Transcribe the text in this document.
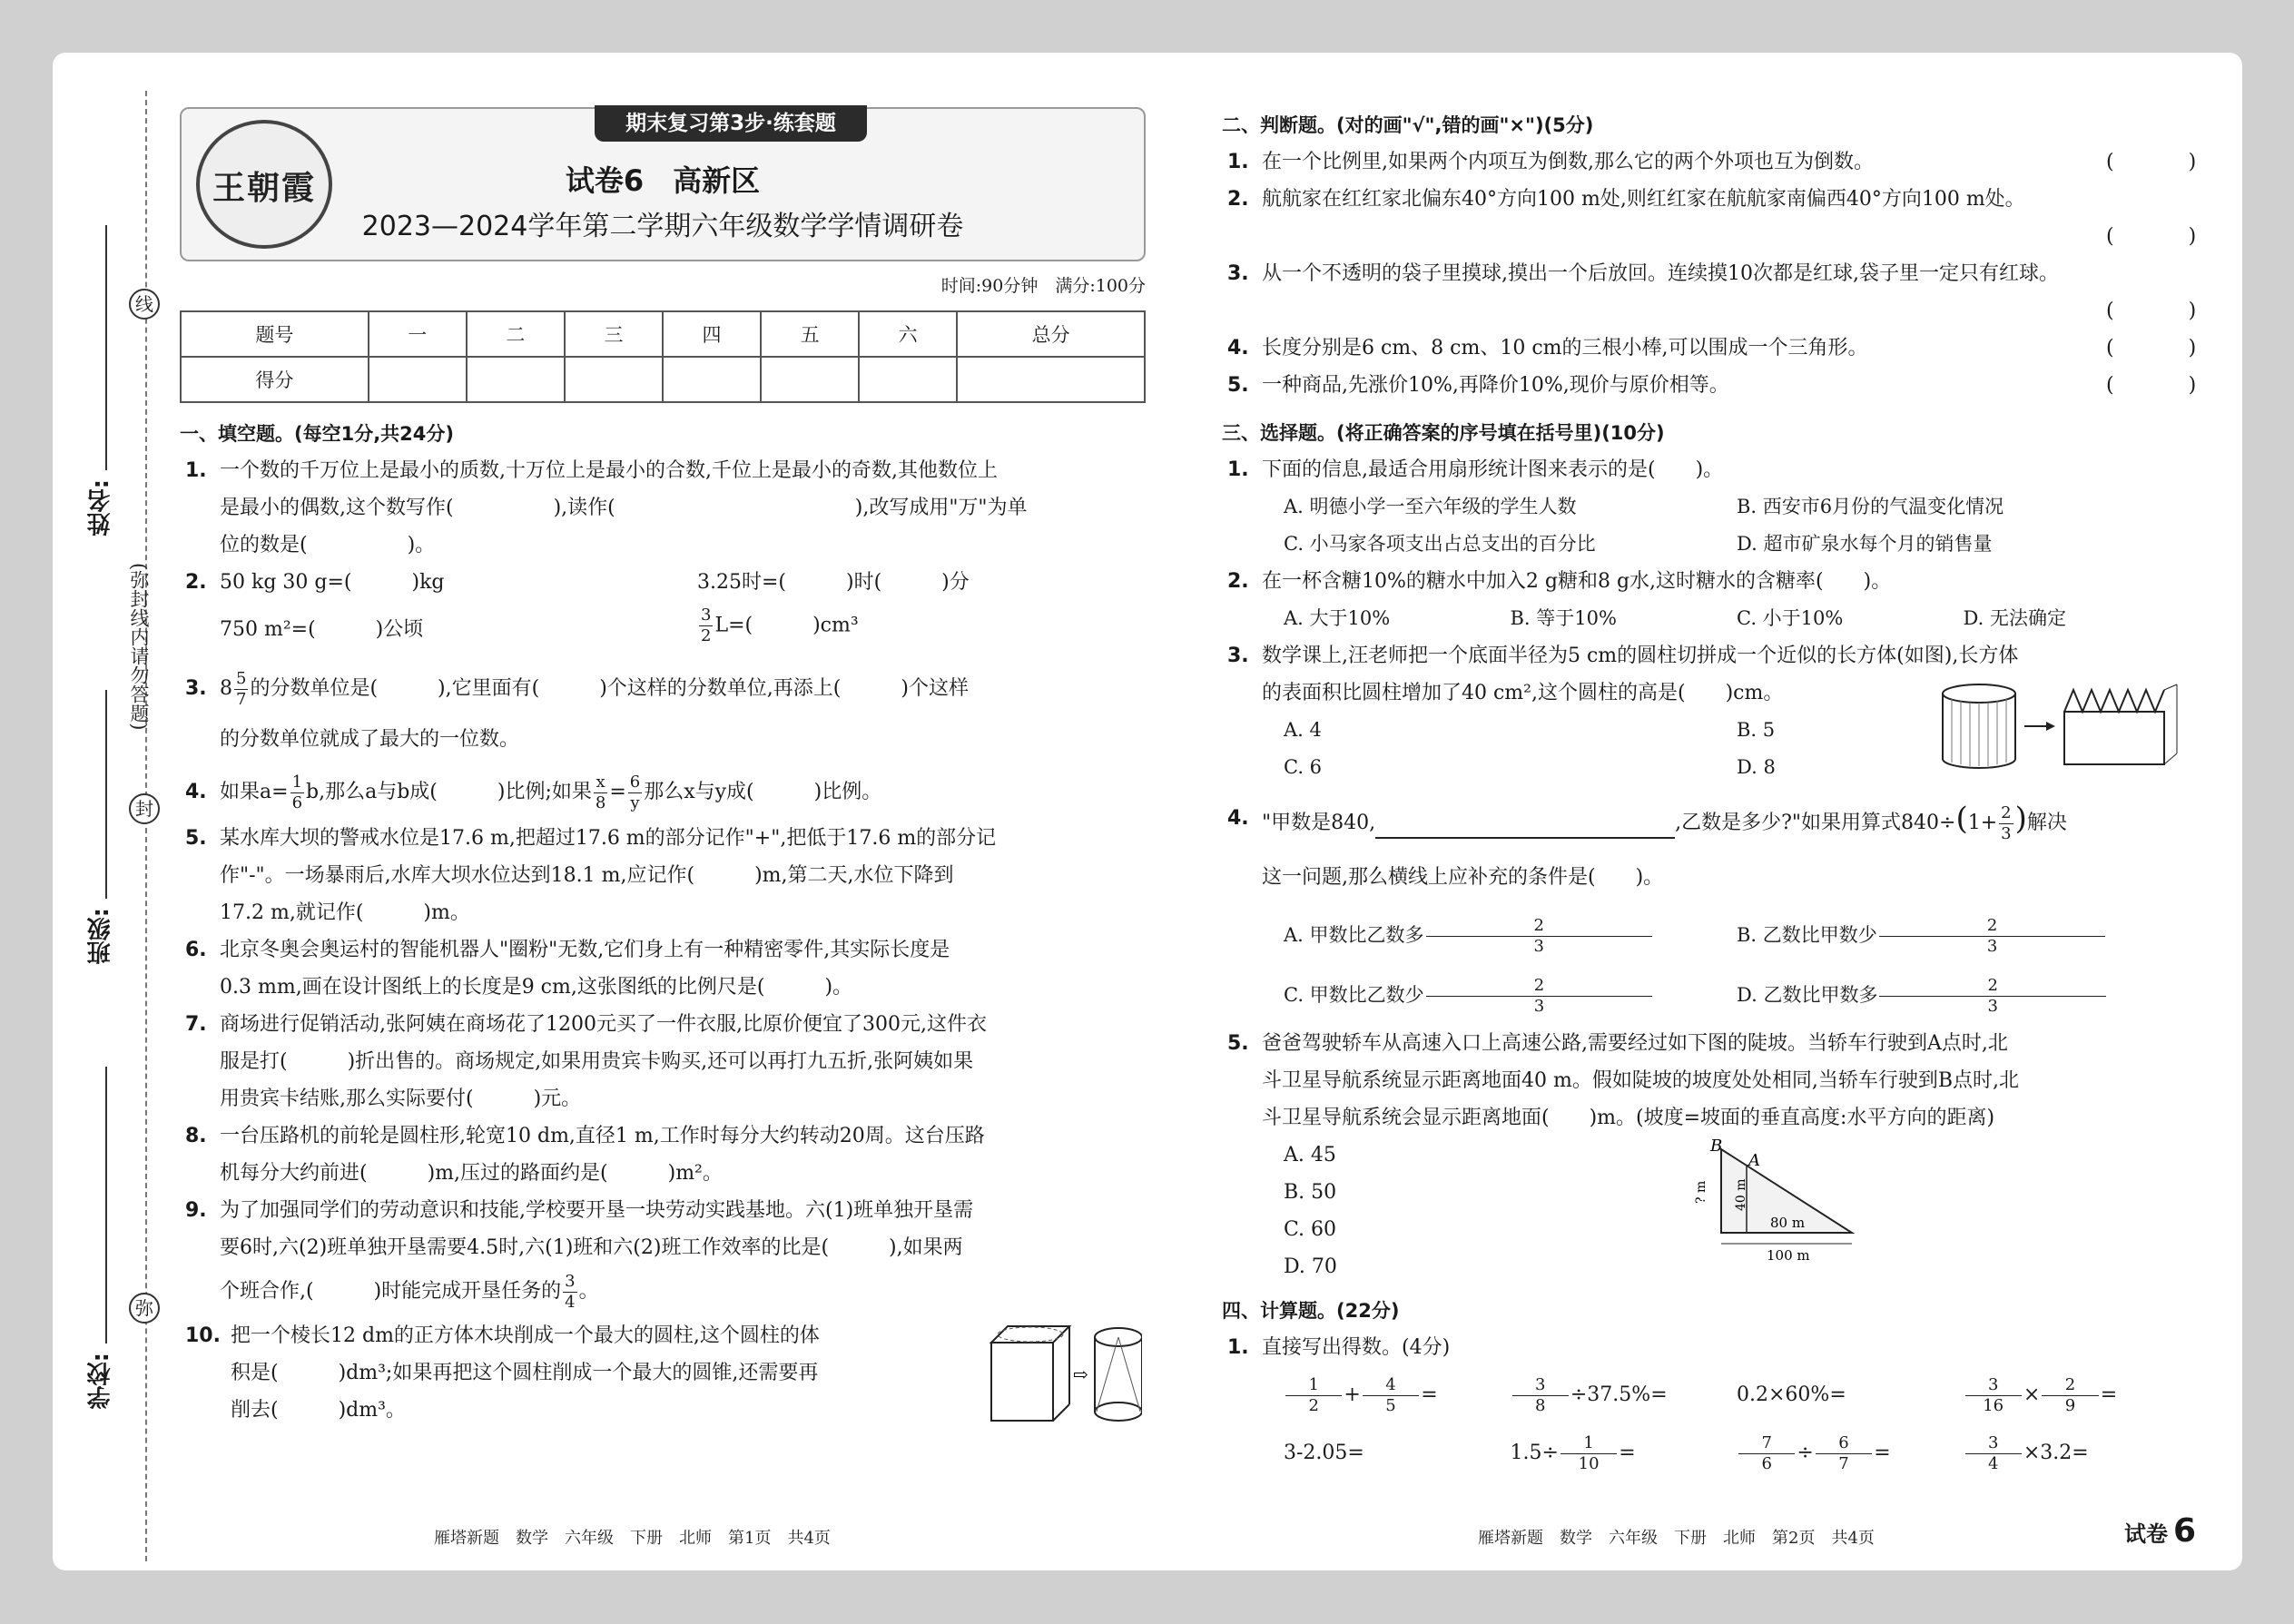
线
封
弥
(弥封线内请勿答题)
姓名:
班级:
学校:
王朝霞
期末复习第3步·练套题
试卷6　高新区
2023—2024学年第二学期六年级数学学情调研卷
时间:90分钟　满分:100分
题号	一	二	三	四	五	六	总分
得分							
一、填空题。(每空1分,共24分)
1. 一个数的千万位上是最小的质数,十万位上是最小的合数,千位上是最小的奇数,其他数位上
是最小的偶数,这个数写作(　　　　　),读作(　　　　　　　　　　　　),改写成用"万"为单
位的数是(　　　　　)。
2. 50 kg 30 g=(　　　)kg	3.25时=(　　　)时(　　　)分
750 m²=(　　　)公顷	$\frac{3}{2} L=$(　　　)cm³
3. $8 \frac{5}{7}$ 的分数单位是(　　　),它里面有(　　　)个这样的分数单位,再添上(　　　)个这样
的分数单位就成了最大的一位数。
4. 如果$a= \frac{1}{6} b$,那么a与b成(　　　)比例;如果 $\frac{x}{8} = \frac{6}{y}$ 那么x与y成(　　　)比例。
5. 某水库大坝的警戒水位是17.6 m,把超过17.6 m的部分记作"+",把低于17.6 m的部分记
作"-"。一场暴雨后,水库大坝水位达到18.1 m,应记作(　　　)m,第二天,水位下降到
17.2 m,就记作(　　　)m。
6. 北京冬奥会奥运村的智能机器人"圈粉"无数,它们身上有一种精密零件,其实际长度是
0.3 mm,画在设计图纸上的长度是9 cm,这张图纸的比例尺是(　　　)。
7. 商场进行促销活动,张阿姨在商场花了1200元买了一件衣服,比原价便宜了300元,这件衣
服是打(　　　)折出售的。商场规定,如果用贵宾卡购买,还可以再打九五折,张阿姨如果
用贵宾卡结账,那么实际要付(　　　)元。
8. 一台压路机的前轮是圆柱形,轮宽10 dm,直径1 m,工作时每分大约转动20周。这台压路
机每分大约前进(　　　)m,压过的路面约是(　　　)m²。
9. 为了加强同学们的劳动意识和技能,学校要开垦一块劳动实践基地。六(1)班单独开垦需
要6时,六(2)班单独开垦需要4.5时,六(1)班和六(2)班工作效率的比是(　　　),如果两
个班合作,(　　　)时能完成开垦任务的 $\frac{3}{4}$ 。
10. 把一个棱长12 dm的正方体木块削成一个最大的圆柱,这个圆柱的体
积是(　　　)dm³;如果再把这个圆柱削成一个最大的圆锥,还需要再
削去(　　　)dm³。
⇨
二、判断题。(对的画"√",错的画"×")(5分)
1. 在一个比例里,如果两个内项互为倒数,那么它的两个外项也互为倒数。	(　)
2. 航航家在红红家北偏东40°方向100 m处,则红红家在航航家南偏西40°方向100 m处。
(　)
3. 从一个不透明的袋子里摸球,摸出一个后放回。连续摸10次都是红球,袋子里一定只有红球。
(　)
4. 长度分别是6 cm、8 cm、10 cm的三根小棒,可以围成一个三角形。	(　)
5. 一种商品,先涨价10%,再降价10%,现价与原价相等。	(　)
三、选择题。(将正确答案的序号填在括号里)(10分)
1. 下面的信息,最适合用扇形统计图来表示的是(　　)。
A. 明德小学一至六年级的学生人数	B. 西安市6月份的气温变化情况
C. 小马家各项支出占总支出的百分比	D. 超市矿泉水每个月的销售量
2. 在一杯含糖10%的糖水中加入2 g糖和8 g水,这时糖水的含糖率(　　)。
A. 大于10%	B. 等于10%	C. 小于10%	D. 无法确定
3. 数学课上,汪老师把一个底面半径为5 cm的圆柱切拼成一个近似的长方体(如图),长方体
的表面积比圆柱增加了40 cm²,这个圆柱的高是(　　)cm。
A. 4	B. 5
C. 6	D. 8
4. "甲数是840,	,乙数是多少?"如果用算式$840\div(1+ \frac{2}{3}$ )解决
这一问题,那么横线上应补充的条件是(　　)。
A. 甲数比乙数多 $\frac{2}{3}$	B. 乙数比甲数少 $\frac{2}{3}$
C. 甲数比乙数少 $\frac{2}{3}$	D. 乙数比甲数多 $\frac{2}{3}$
5. 爸爸驾驶轿车从高速入口上高速公路,需要经过如下图的陡坡。当轿车行驶到A点时,北
斗卫星导航系统显示距离地面40 m。假如陡坡的坡度处处相同,当轿车行驶到B点时,北
斗卫星导航系统会显示距离地面(　　)m。(坡度=坡面的垂直高度:水平方向的距离)
A. 45
B. 50
C. 60
D. 70
B
A
? m 40 m
80 m
100 m
四、计算题。(22分)
1. 直接写出得数。(4分)
$\frac{1}{2} + \frac{4}{5}$ =	$\frac{3}{8} \div 37.5\%=$	0.2×60%=	$\frac{3}{16} \times \frac{2}{9}$ =
3-2.05=	$1.5\div \frac{1}{10}$ =	$\frac{7}{6} \div \frac{6}{7}$ =	$\frac{3}{4} \times 3.2=$
雁塔新题　数学　六年级　下册　北师　第1页　共4页	雁塔新题　数学　六年级　下册　北师　第2页　共4页	试卷 6
